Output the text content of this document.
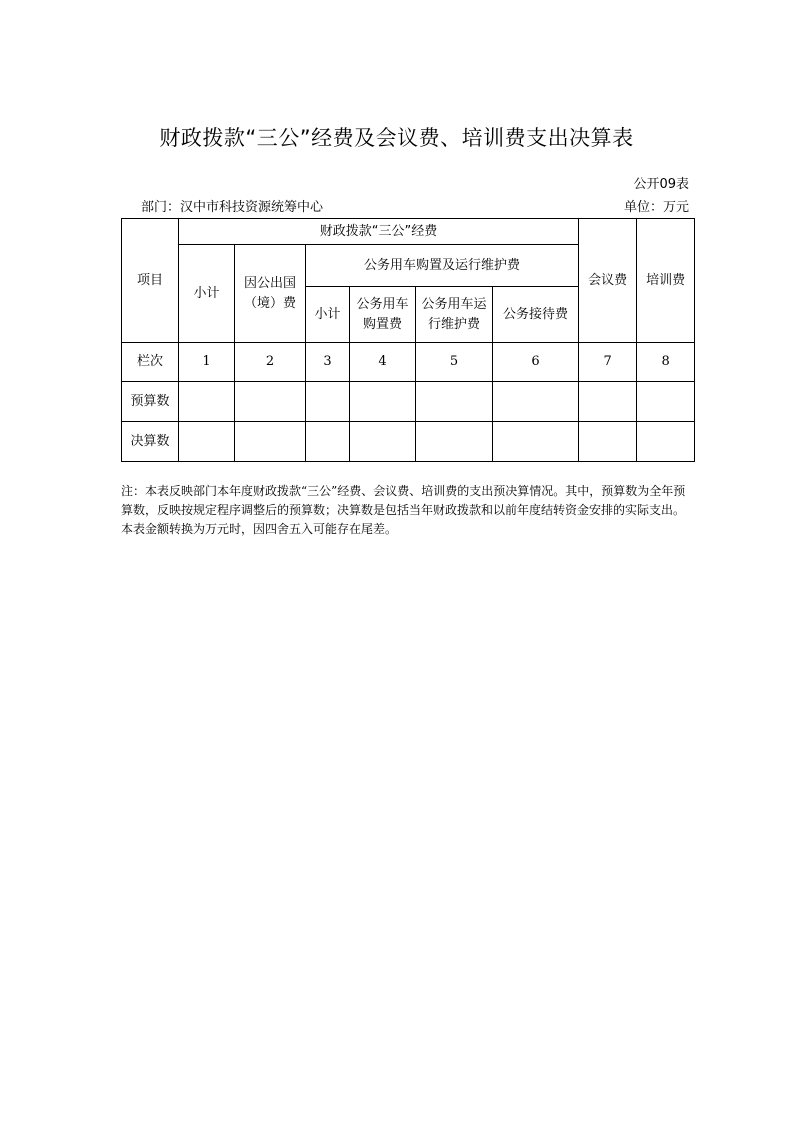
财政拨款“三公”经费及会议费、培训费支出决算表
公开09表
部门：汉中市科技资源统筹中心	单位：万元
项目	财政拨款“三公”经费						会议费	培训费
	小计	因公出国（境）费	公务用车购置及运行维护费					
			小计	公务用车购置费	公务用车运行维护费	公务接待费		
栏次	1	2	3	4	5	6	7	8
预算数								
决算数								
注：本表反映部门本年度财政拨款“三公”经费、会议费、培训费的支出预决算情况。其中，预算数为全年预算数，反映按规定程序调整后的预算数；决算数是包括当年财政拨款和以前年度结转资金安排的实际支出。本表金额转换为万元时，因四舍五入可能存在尾差。
